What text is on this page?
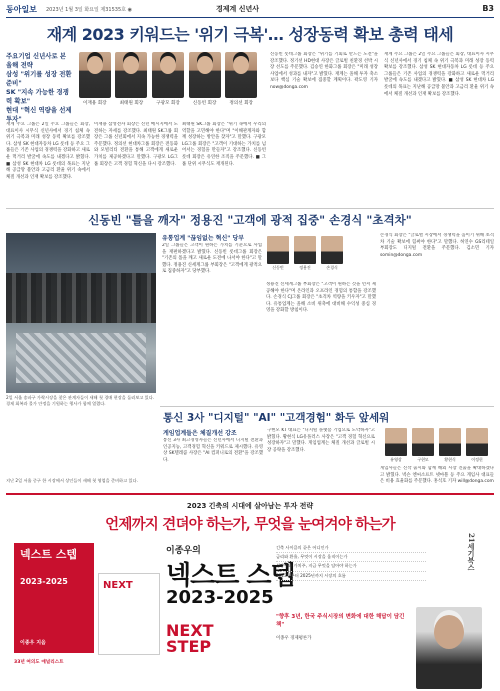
동아일보 2023년 1월 3일 화요일 제31535호 ◉	경제계 신년사	B3
재계 2023 키워드는 '위기 극복'… 성장동력 확보 총력 태세
주요기업 신년사로 본 올해 전략
삼성 "위기를 성장 전환 준비"
SK "지속 가능한 경쟁력 확보"
현대 "혁신 역량을 선제 투자"
이재용 회장	최태원 회장	구광모 회장	신동빈 회장	정의선 회장
재계 주요 그룹은 2일 주요 그룹들은 회장, 대표이사 시무식 신년사에서 경기 침체 속 위기 극복과 미래 성장 동력 확보를 강조했다. 삼성 SK 현대자동차 LG 롯데 등 주요 그룹들은 기존 사업의 경쟁력을 강화하고 새로운 먹거리 발굴에 속도를 내겠다고 밝혔다. ■ 삼성 SK 현대차 LG 롯데의 목표는 지난해 공급망 불안과 고금리 환율 위기 속에서 체질 개선과 인재 확보를 강조했다.
이재용 삼성전자 회장은 신년 메시지에서 도전하는 자세를 강조했다. 최태원 SK그룹 회장은 그룹 신년회에서 지속 가능한 경쟁력을 주문했다. 정의선 현대차그룹 회장은 전동화와 모빌리티 전환을 통해 고객에게 새로운 가치를 제공하겠다고 말했다. 구광모 LG그룹 회장은 고객 경험 혁신을 다시 강조했다.
최태원 SK그룹 회장은 "위기 속에서 우리의 역할을 고민해야 한다"며 "이해관계자와 함께 성장하는 방안을 찾자"고 말했다. 구광모 LG그룹 회장은 "고객이 기대하는 가치를 넘어서는 경험을 만들자"고 강조했다. 신동빈 롯데 회장은 유연한 조직을 주문했다. ■ 그룹 단위 시무식도 재개된다.
신동빈 롯데그룹 회장은 "위기를 기회로 만드는 도전"을 강조했다. 정기선 HD현대 사장은 글로벌 친환경 선박 시장 선도를 주문했다. 김승연 한화그룹 회장은 "미래 성장 사업에서 성과를 내자"고 밝혔다. 재계는 올해 투자 축소보다 핵심 기술 확보에 집중할 계획이다. 곽도영 기자 now@donga.com
재계 주요 그룹은 2일 주요 그룹들은 회장, 대표이사 시무식 신년사에서 경기 침체 속 위기 극복과 미래 성장 동력 확보를 강조했다. 삼성 SK 현대자동차 LG 롯데 등 주요 그룹들은 기존 사업의 경쟁력을 강화하고 새로운 먹거리 발굴에 속도를 내겠다고 밝혔다. ■ 삼성 SK 현대차 LG 롯데의 목표는 지난해 공급망 불안과 고금리 환율 위기 속에서 체질 개선과 인재 확보를 강조했다.
신동빈 "틀을 깨자" 정용진 "고객에 광적 집중" 손경식 "초격차"
2일 서울 송파구 가락시장을 찾은 관계자들이 새해 첫 경매 현장을 둘러보고 있다. 경제 회복과 물가 안정을 기원하는 행사가 함께 열렸다.
유통업계 "끊임없는 혁신" 당부
2일 그룹들은 고객이 원하는 가치를 기준으로 사업을 재편하겠다고 밝혔다. 신동빈 롯데그룹 회장은 "기존의 틀을 깨고 새로운 도전에 나서야 한다"고 말했다. 정용진 신세계그룹 부회장은 "고객에게 광적으로 집중하자"고 당부했다.
정용진 신세계그룹 부회장은 "고객이 원하는 것을 먼저 제공해야 한다"며 온라인과 오프라인 경험의 통합을 강조했다. 손경식 CJ그룹 회장은 "초격차 역량을 키우자"고 말했다. 유통업계는 올해 소비 위축에 대비해 수익성 중심 경영을 강화할 방침이다.
손경식 회장은 "글로벌 시장에서 경쟁력을 높이기 위해 초격차 기술 확보에 힘써야 한다"고 말했다. 허연수 GS리테일 부회장도 디지털 전환을 주문했다. 김소민 기자 somin@donga.com
신동빈	정용진	손경식
통신 3사 "디지털" "AI" "고객경험" 화두 앞세워
게임업계들은 체질개선 강조
통신 3사 최고경영자들은 신년사에서 디지털 전환과 인공지능, 고객경험 혁신을 키워드로 제시했다. 유영상 SK텔레콤 사장은 "AI 컴퍼니로의 전환"을 강조했다.
구현모 KT 대표는 "디지털 플랫폼 기업으로 도약하자"고 밝혔다. 황현식 LG유플러스 사장은 "고객 경험 혁신으로 성장하자"고 말했다. 게임업계는 체질 개선과 글로벌 시장 공략을 강조했다.
게임사들은 신작 출시와 함께 해외 시장 진출을 확대하겠다고 밝혔다. 넥슨 엔씨소프트 넷마블 등 주요 게임사 대표들은 비용 효율화를 주문했다. 홍석호 기자 will@donga.com
유영상	구현모	황현식	이정헌
지난 2일 서울 중구 한 시장에서 상인들이 새해 첫 영업을 준비하고 있다.
2023 긴축의 시대에 살아남는 투자 전략
언제까지 견뎌야 하는가, 무엇을 눈여겨야 하는가
넥스트 스텝
2023-2025
이종우 지음
NEXT
이종우의
넥스트 스텝
2023-2025
NEXT
STEP
긴축 사이클의 끝은 어디인가
금리와 환율, 무엇이 시장을 움직이는가
성장주와 가치주, 지금 무엇을 담아야 하는가
2023년부터 2025년까지 시장의 흐름
"향후 3년, 한국 주식시장의 변화에 대한 해답이 담긴 책"
이종우 경제평론가
21세기북스
33년 여의도 애널리스트
